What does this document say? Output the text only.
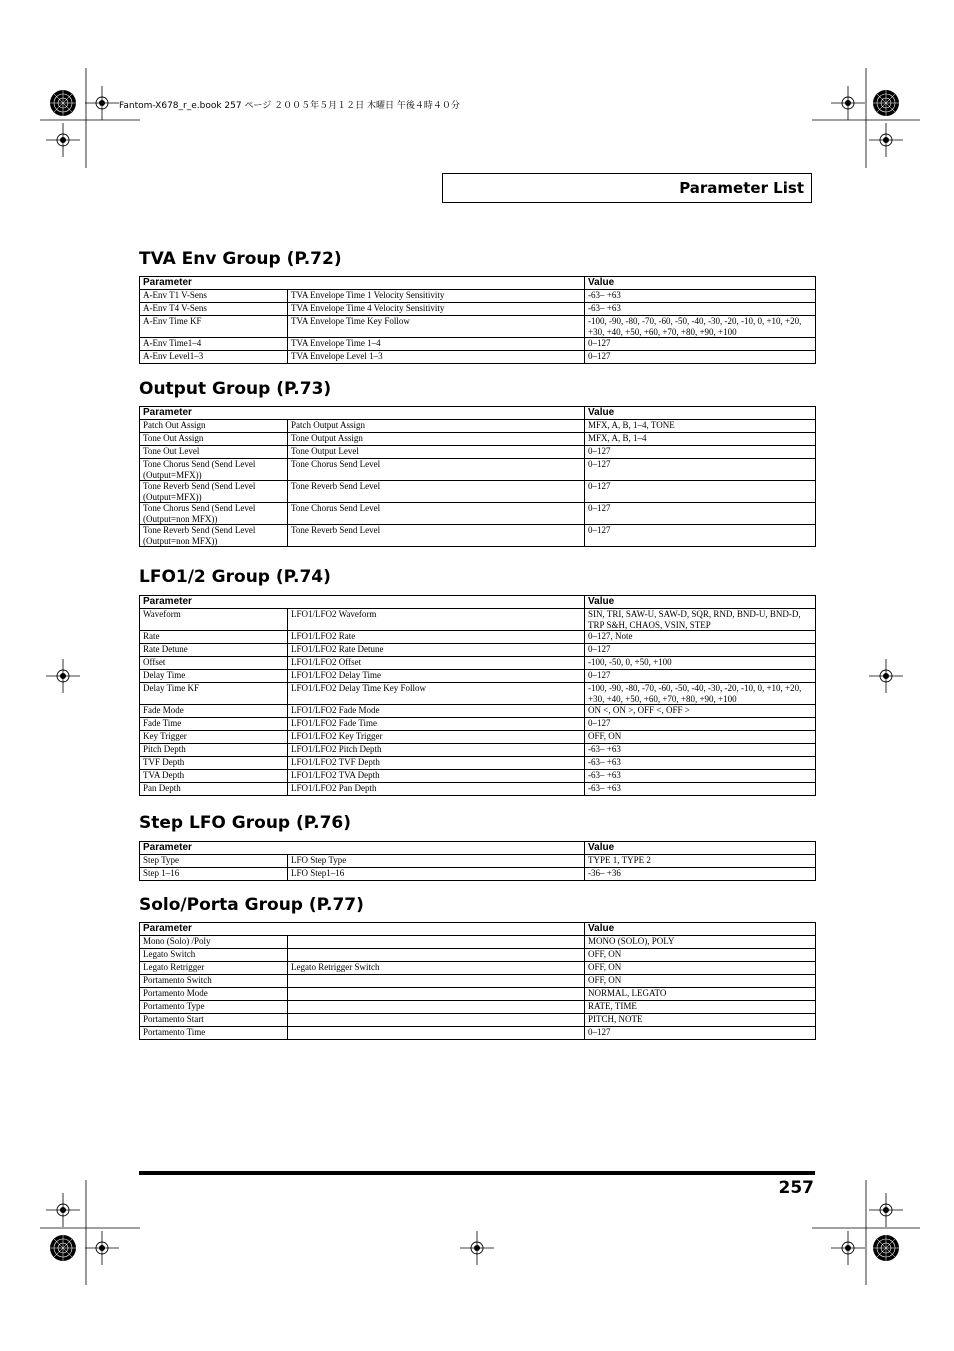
Fantom-X678_r_e.book 257 ページ ２００５年５月１２日 木曜日 午後４時４０分
Parameter List
TVA Env Group (P.72)
Parameter		Value
A-Env T1 V-Sens	TVA Envelope Time 1 Velocity Sensitivity	-63– +63
A-Env T4 V-Sens	TVA Envelope Time 4 Velocity Sensitivity	-63– +63
A-Env Time KF	TVA Envelope Time Key Follow	-100, -90, -80, -70, -60, -50, -40, -30, -20, -10, 0, +10, +20, +30, +40, +50, +60, +70, +80, +90, +100
A-Env Time1–4	TVA Envelope Time 1–4	0–127
A-Env Level1–3	TVA Envelope Level 1–3	0–127
Output Group (P.73)
Parameter		Value
Patch Out Assign	Patch Output Assign	MFX, A, B, 1–4, TONE
Tone Out Assign	Tone Output Assign	MFX, A, B, 1–4
Tone Out Level	Tone Output Level	0–127
Tone Chorus Send (Send Level (Output=MFX))	Tone Chorus Send Level	0–127
Tone Reverb Send (Send Level (Output=MFX))	Tone Reverb Send Level	0–127
Tone Chorus Send (Send Level (Output=non MFX))	Tone Chorus Send Level	0–127
Tone Reverb Send (Send Level (Output=non MFX))	Tone Reverb Send Level	0–127
LFO1/2 Group (P.74)
Parameter		Value
Waveform	LFO1/LFO2 Waveform	SIN, TRI, SAW-U, SAW-D, SQR, RND, BND-U, BND-D, TRP S&H, CHAOS, VSIN, STEP
Rate	LFO1/LFO2 Rate	0–127, Note
Rate Detune	LFO1/LFO2 Rate Detune	0–127
Offset	LFO1/LFO2 Offset	-100, -50, 0, +50, +100
Delay Time	LFO1/LFO2 Delay Time	0–127
Delay Time KF	LFO1/LFO2 Delay Time Key Follow	-100, -90, -80, -70, -60, -50, -40, -30, -20, -10, 0, +10, +20, +30, +40, +50, +60, +70, +80, +90, +100
Fade Mode	LFO1/LFO2 Fade Mode	ON <, ON >, OFF <, OFF >
Fade Time	LFO1/LFO2 Fade Time	0–127
Key Trigger	LFO1/LFO2 Key Trigger	OFF, ON
Pitch Depth	LFO1/LFO2 Pitch Depth	-63– +63
TVF Depth	LFO1/LFO2 TVF Depth	-63– +63
TVA Depth	LFO1/LFO2 TVA Depth	-63– +63
Pan Depth	LFO1/LFO2 Pan Depth	-63– +63
Step LFO Group (P.76)
Parameter		Value
Step Type	LFO Step Type	TYPE 1, TYPE 2
Step 1–16	LFO Step1–16	-36– +36
Solo/Porta Group (P.77)
Parameter		Value
Mono (Solo) /Poly		MONO (SOLO), POLY
Legato Switch		OFF, ON
Legato Retrigger	Legato Retrigger Switch	OFF, ON
Portamento Switch		OFF, ON
Portamento Mode		NORMAL, LEGATO
Portamento Type		RATE, TIME
Portamento Start		PITCH, NOTE
Portamento Time		0–127
257
